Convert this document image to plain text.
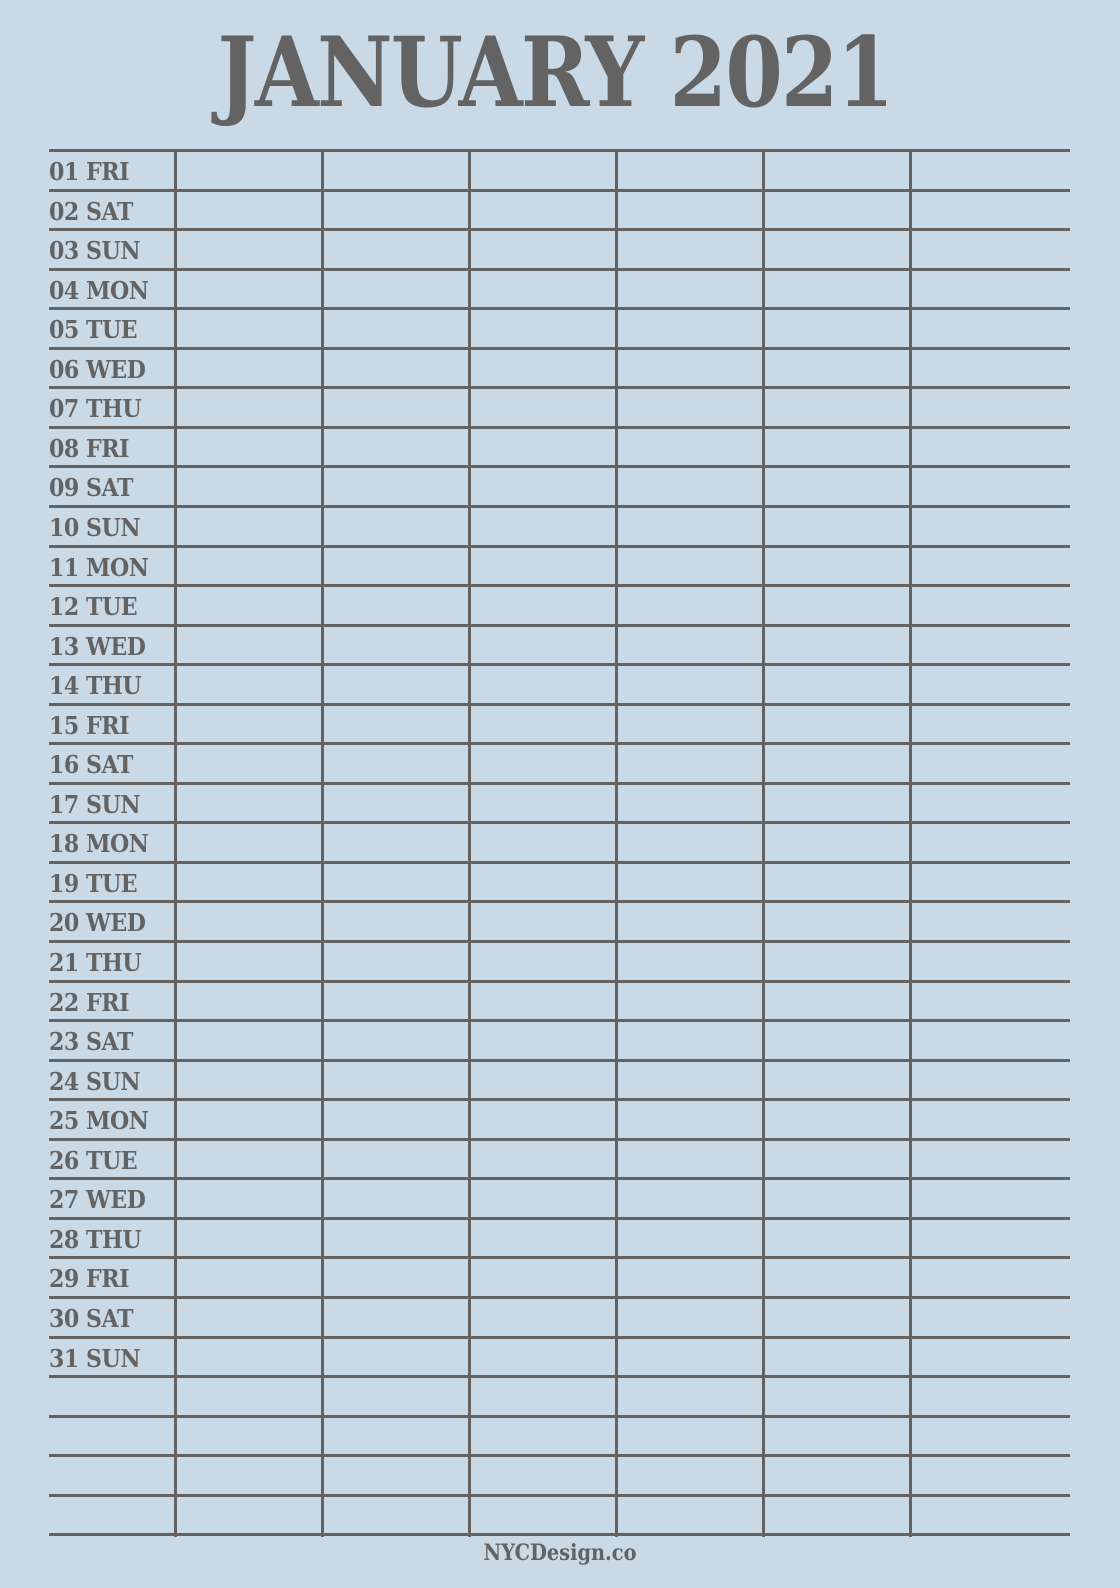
JANUARY 2021
01 FRI
02 SAT
03 SUN
04 MON
05 TUE
06 WED
07 THU
08 FRI
09 SAT
10 SUN
11 MON
12 TUE
13 WED
14 THU
15 FRI
16 SAT
17 SUN
18 MON
19 TUE
20 WED
21 THU
22 FRI
23 SAT
24 SUN
25 MON
26 TUE
27 WED
28 THU
29 FRI
30 SAT
31 SUN
NYCDesign.co
